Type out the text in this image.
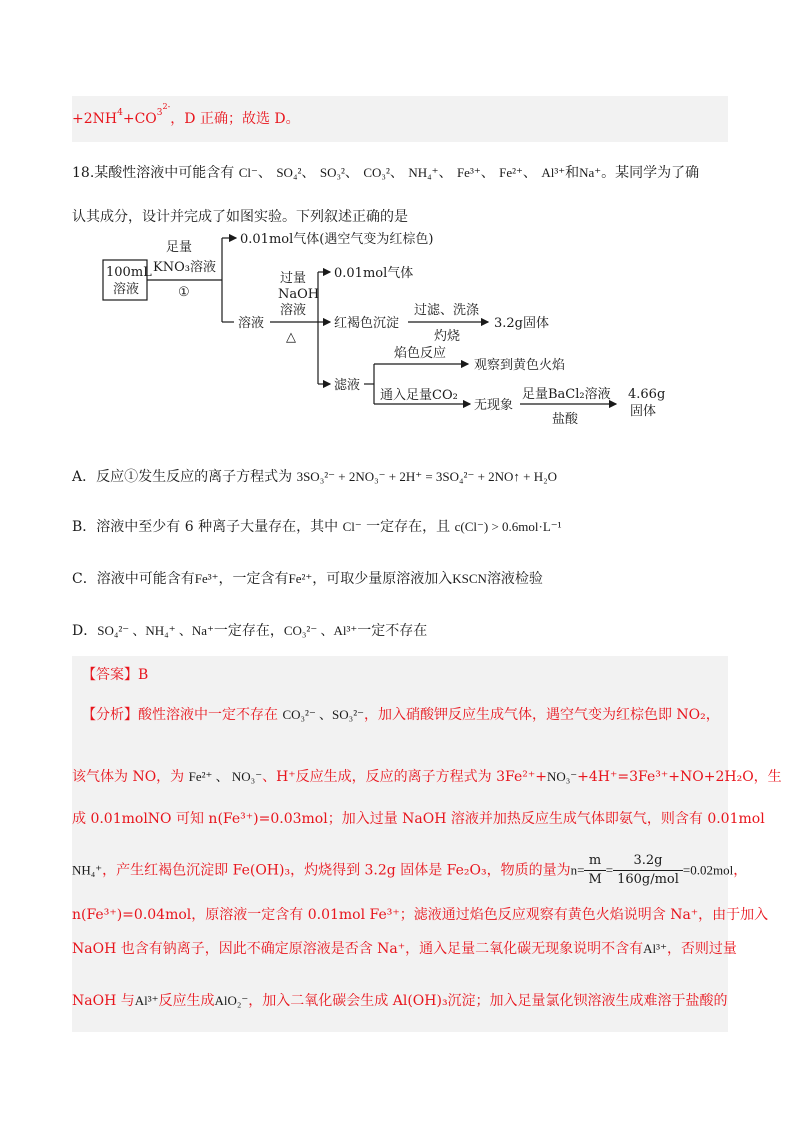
$+2NH^4+CO^{32-}$，D 正确；故选 D。
18.某酸性溶液中可能含有 Cl⁻、 SO₄²、 SO₃²、 CO₃²、 NH₄⁺、 Fe³⁺、 Fe²⁺、 Al³⁺和Na⁺。某同学为了确
认其成分，设计并完成了如图实验。下列叙述正确的是
100mL
溶液
足量
KNO₃溶液
①
0.01mol气体(遇空气变为红棕色)
溶液
过量
NaOH
溶液
△
0.01mol气体
红褐色沉淀
过滤、洗涤
灼烧
3.2g固体
滤液
焰色反应
观察到黄色火焰
通入足量CO₂
无现象
足量BaCl₂溶液
盐酸
4.66g
固体
A．反应①发生反应的离子方程式为 3SO₃²⁻ + 2NO₃⁻ + 2H⁺ = 3SO₄²⁻ + 2NO↑ + H₂O
B．溶液中至少有 6 种离子大量存在，其中 Cl⁻ 一定存在，且 c(Cl⁻) > 0.6mol·L⁻¹
C．溶液中可能含有Fe³⁺，一定含有Fe²⁺，可取少量原溶液加入KSCN溶液检验
D．SO₄²⁻ 、NH₄⁺ 、Na⁺一定存在，CO₃²⁻ 、Al³⁺一定不存在
【答案】B
【分析】酸性溶液中一定不存在 CO₃²⁻ 、SO₃²⁻，加入硝酸钾反应生成气体，遇空气变为红棕色即 NO₂，
该气体为 NO，为 Fe²⁺ 、 NO₃⁻、H⁺反应生成，反应的离子方程式为 3Fe²⁺+NO₃⁻+4H⁺=3Fe³⁺+NO+2H₂O，生
成 0.01molNO 可知 n(Fe³⁺)=0.03mol；加入过量 NaOH 溶液并加热反应生成气体即氨气，则含有 0.01mol
NH₄⁺，产生红褐色沉淀即 Fe(OH)₃，灼烧得到 3.2g 固体是 Fe₂O₃，物质的量为$n= \frac{m}{M} = \frac{3.2g}{\text{160g/mol}} =0.02mol$，
n(Fe³⁺)=0.04mol，原溶液一定含有 0.01mol Fe³⁺；滤液通过焰色反应观察有黄色火焰说明含 Na⁺，由于加入
NaOH 也含有钠离子，因此不确定原溶液是否含 Na⁺，通入足量二氧化碳无现象说明不含有Al³⁺，否则过量
NaOH 与Al³⁺反应生成AlO₂⁻，加入二氧化碳会生成 Al(OH)₃沉淀；加入足量氯化钡溶液生成难溶于盐酸的
